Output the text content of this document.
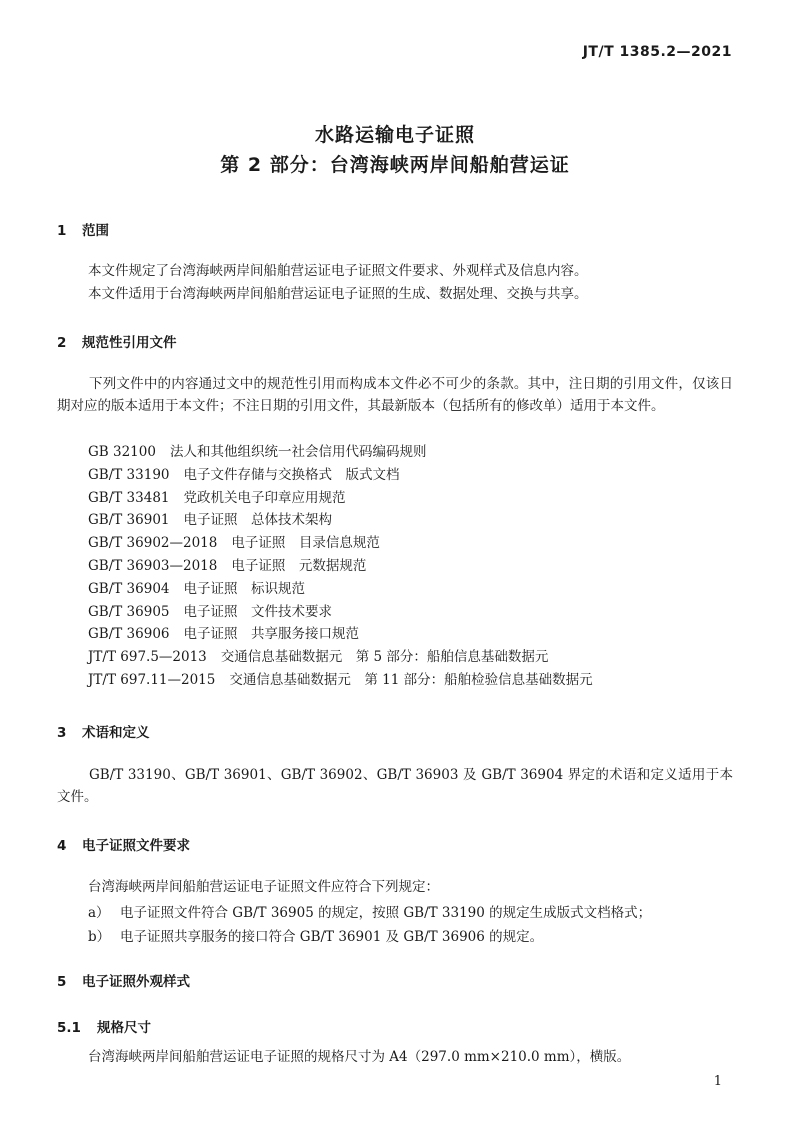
JT/T 1385.2—2021
水路运输电子证照
第 2 部分：台湾海峡两岸间船舶营运证
1 范围
本文件规定了台湾海峡两岸间船舶营运证电子证照文件要求、外观样式及信息内容。
本文件适用于台湾海峡两岸间船舶营运证电子证照的生成、数据处理、交换与共享。
2 规范性引用文件
下列文件中的内容通过文中的规范性引用而构成本文件必不可少的条款。其中，注日期的引用文件，仅该日期对应的版本适用于本文件；不注日期的引用文件，其最新版本（包括所有的修改单）适用于本文件。
GB 32100 法人和其他组织统一社会信用代码编码规则
GB/T 33190 电子文件存储与交换格式　版式文档
GB/T 33481 党政机关电子印章应用规范
GB/T 36901 电子证照　总体技术架构
GB/T 36902—2018 电子证照　目录信息规范
GB/T 36903—2018 电子证照　元数据规范
GB/T 36904 电子证照　标识规范
GB/T 36905 电子证照　文件技术要求
GB/T 36906 电子证照　共享服务接口规范
JT/T 697.5—2013 交通信息基础数据元　第 5 部分：船舶信息基础数据元
JT/T 697.11—2015 交通信息基础数据元　第 11 部分：船舶检验信息基础数据元
3 术语和定义
GB/T 33190、GB/T 36901、GB/T 36902、GB/T 36903 及 GB/T 36904 界定的术语和定义适用于本文件。
4 电子证照文件要求
台湾海峡两岸间船舶营运证电子证照文件应符合下列规定：
a） 电子证照文件符合 GB/T 36905 的规定，按照 GB/T 33190 的规定生成版式文档格式；
b） 电子证照共享服务的接口符合 GB/T 36901 及 GB/T 36906 的规定。
5 电子证照外观样式
5.1 规格尺寸
台湾海峡两岸间船舶营运证电子证照的规格尺寸为 A4（297.0 mm×210.0 mm），横版。
1
